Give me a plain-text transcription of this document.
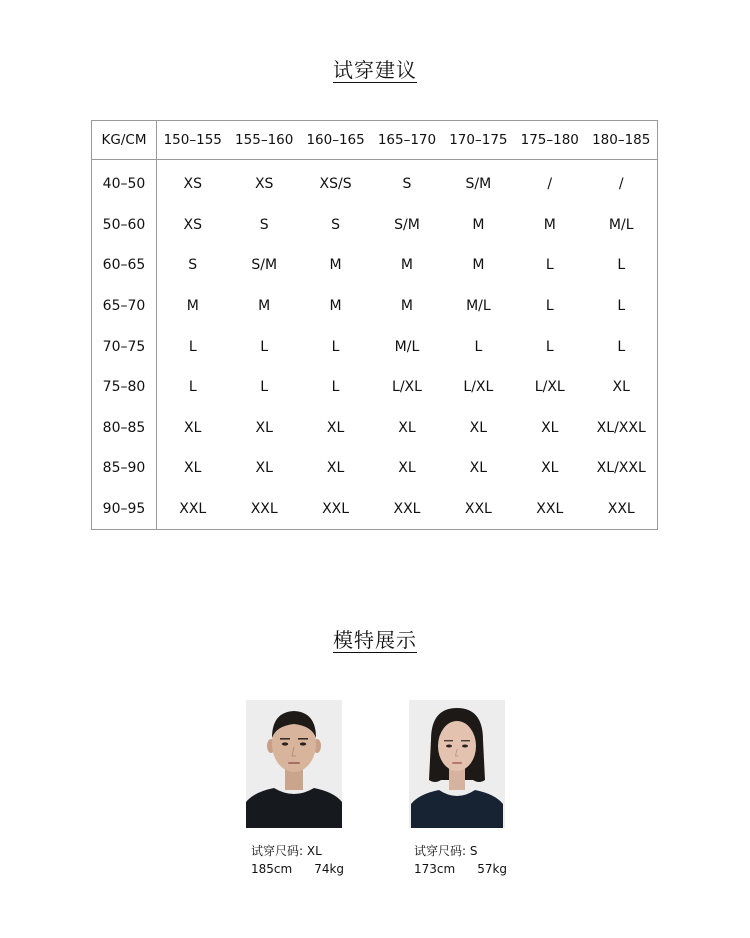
试穿建议
KG/CM	150–155	155–160	160–165	165–170	170–175	175–180	180–185
40–50	XS	XS	XS/S	S	S/M	/	/
50–60	XS	S	S	S/M	M	M	M/L
60–65	S	S/M	M	M	M	L	L
65–70	M	M	M	M	M/L	L	L
70–75	L	L	L	M/L	L	L	L
75–80	L	L	L	L/XL	L/XL	L/XL	XL
80–85	XL	XL	XL	XL	XL	XL	XL/XXL
85–90	XL	XL	XL	XL	XL	XL	XL/XXL
90–95	XXL	XXL	XXL	XXL	XXL	XXL	XXL
模特展示
试穿尺码: XL
185cm 74kg
试穿尺码: S
173cm 57kg
